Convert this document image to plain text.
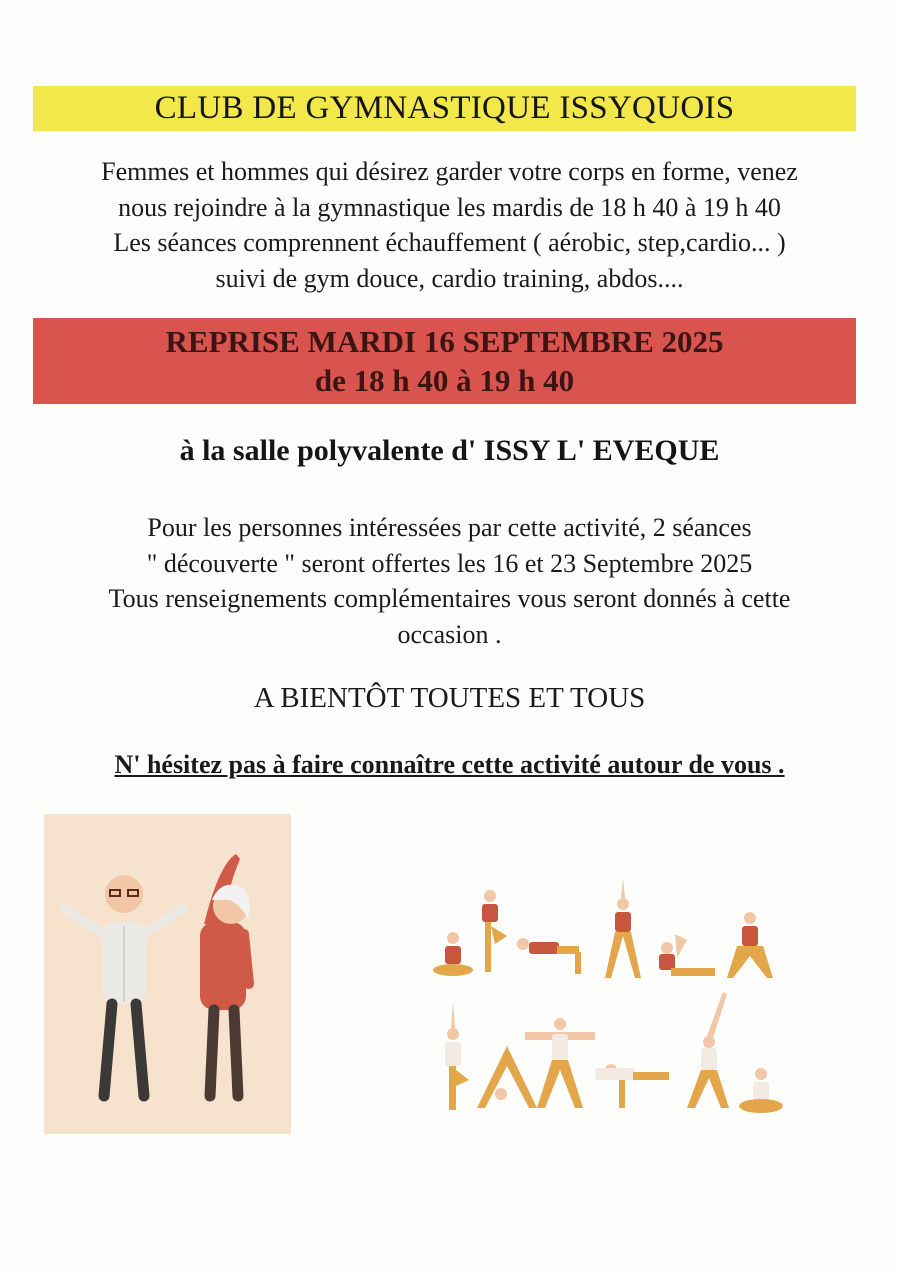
CLUB DE GYMNASTIQUE ISSYQUOIS
Femmes et hommes qui désirez garder votre corps en forme, venez
nous rejoindre à la gymnastique les mardis de 18 h 40 à 19 h 40
Les séances comprennent échauffement ( aérobic, step,cardio... )
suivi de gym douce, cardio training, abdos....
REPRISE MARDI 16 SEPTEMBRE 2025
de 18 h 40 à 19 h 40
à la salle polyvalente d' ISSY L' EVEQUE
Pour les personnes intéressées par cette activité, 2 séances
" découverte " seront offertes les 16 et 23 Septembre 2025
Tous renseignements complémentaires vous seront donnés à cette
occasion .
A BIENTÔT TOUTES ET TOUS
N' hésitez pas à faire connaître cette activité autour de vous .
